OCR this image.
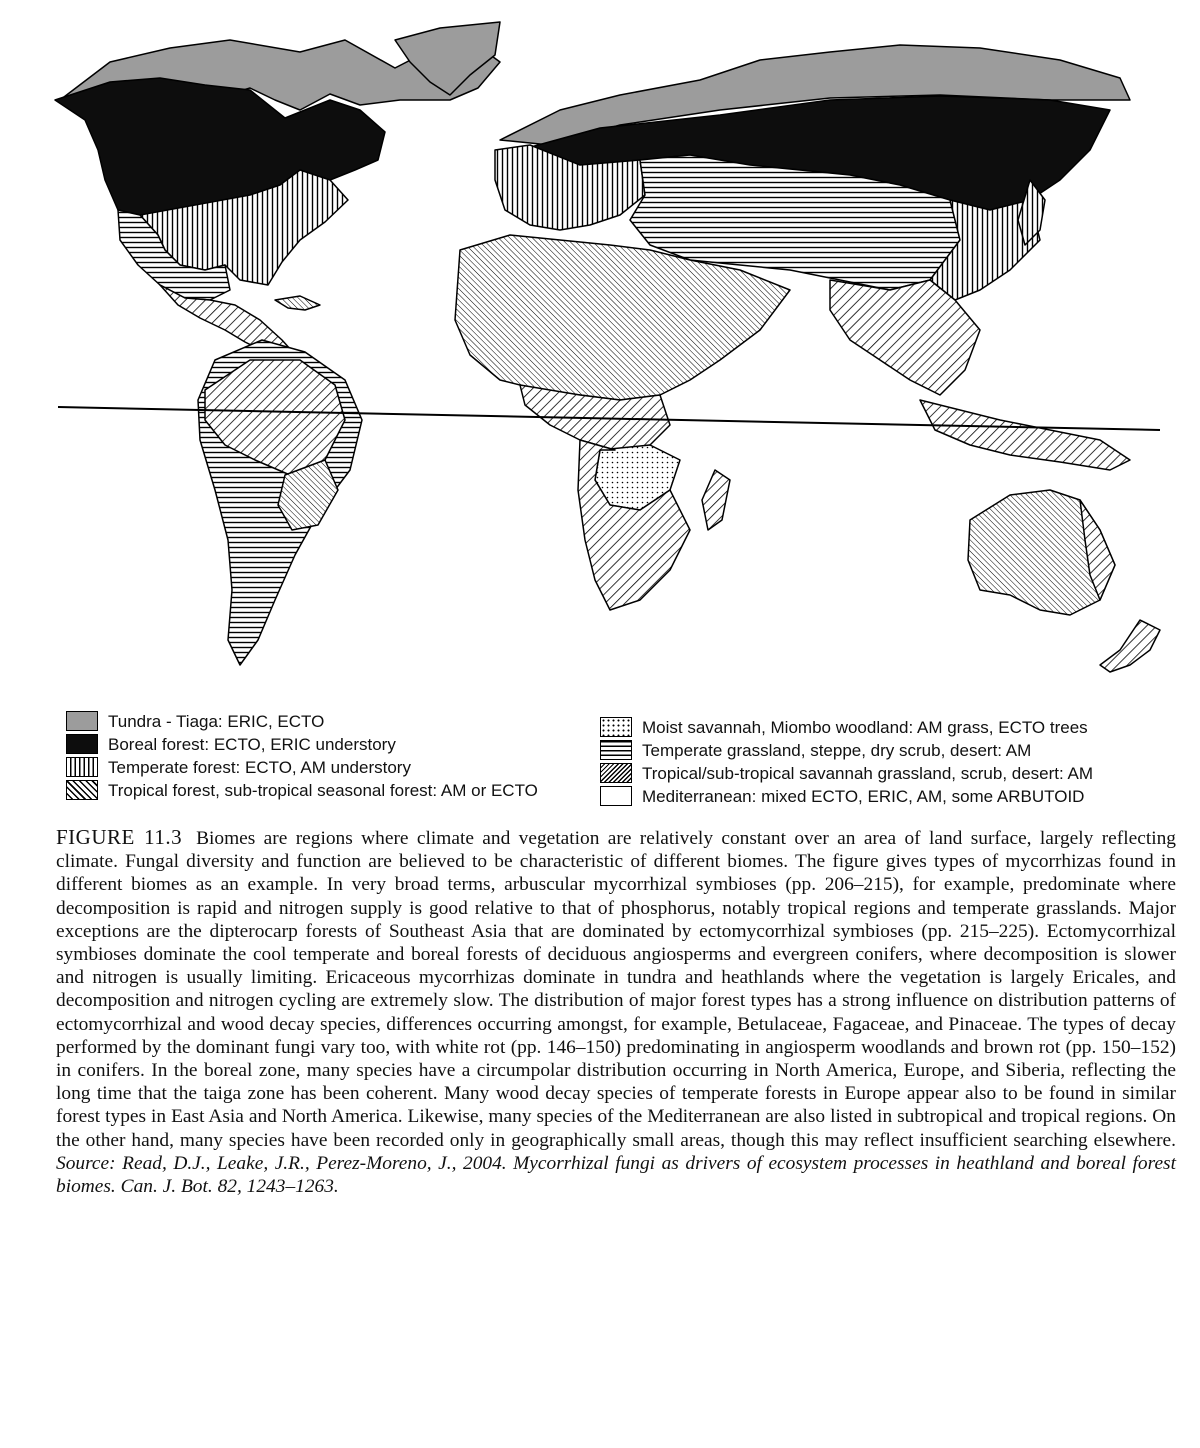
Tundra - Tiaga: ERIC, ECTO
Boreal forest: ECTO, ERIC understory
Temperate forest: ECTO, AM understory
Tropical forest, sub-tropical seasonal forest: AM or ECTO
Moist savannah, Miombo woodland: AM grass, ECTO trees
Temperate grassland, steppe, dry scrub, desert: AM
Tropical/sub-tropical savannah grassland, scrub, desert: AM
Mediterranean: mixed ECTO, ERIC, AM, some ARBUTOID
FIGURE 11.3 Biomes are regions where climate and vegetation are relatively constant over an area of land surface, largely reflecting climate. Fungal diversity and function are believed to be characteristic of different biomes. The figure gives types of mycorrhizas found in different biomes as an example. In very broad terms, arbuscular mycorrhizal symbioses (pp. 206–215), for example, predominate where decomposition is rapid and nitrogen supply is good relative to that of phosphorus, notably tropical regions and temperate grasslands. Major exceptions are the dipterocarp forests of Southeast Asia that are dominated by ectomycorrhizal symbioses (pp. 215–225). Ectomycorrhizal symbioses dominate the cool temperate and boreal forests of deciduous angiosperms and evergreen conifers, where decomposition is slower and nitrogen is usually limiting. Ericaceous mycorrhizas dominate in tundra and heathlands where the vegetation is largely Ericales, and decomposition and nitrogen cycling are extremely slow. The distribution of major forest types has a strong influence on distribution patterns of ectomycorrhizal and wood decay species, differences occurring amongst, for example, Betulaceae, Fagaceae, and Pinaceae. The types of decay performed by the dominant fungi vary too, with white rot (pp. 146–150) predominating in angiosperm woodlands and brown rot (pp. 150–152) in conifers. In the boreal zone, many species have a circumpolar distribution occurring in North America, Europe, and Siberia, reflecting the long time that the taiga zone has been coherent. Many wood decay species of temperate forests in Europe appear also to be found in similar forest types in East Asia and North America. Likewise, many species of the Mediterranean are also listed in subtropical and tropical regions. On the other hand, many species have been recorded only in geographically small areas, though this may reflect insufficient searching elsewhere. Source: Read, D.J., Leake, J.R., Perez-Moreno, J., 2004. Mycorrhizal fungi as drivers of ecosystem processes in heathland and boreal forest biomes. Can. J. Bot. 82, 1243–1263.
